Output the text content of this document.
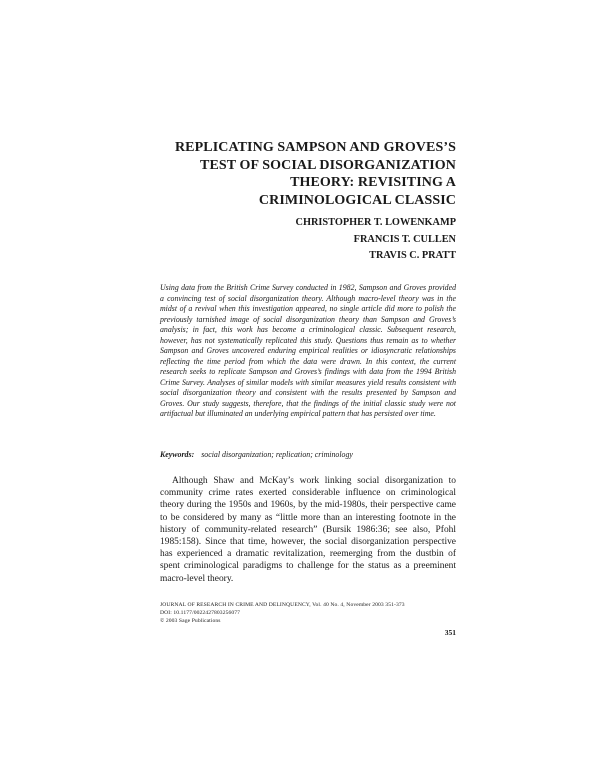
REPLICATING SAMPSON AND GROVES’S
TEST OF SOCIAL DISORGANIZATION
THEORY: REVISITING A
CRIMINOLOGICAL CLASSIC
CHRISTOPHER T. LOWENKAMP
FRANCIS T. CULLEN
TRAVIS C. PRATT

Using data from the British Crime Survey conducted in 1982, Sampson and Groves provided a convincing test of social disorganization theory. Although macro-level theory was in the midst of a revival when this investigation appeared, no single article did more to polish the previously tarnished image of social disorganization theory than Sampson and Groves’s analysis; in fact, this work has become a criminological classic. Subsequent research, however, has not systematically replicated this study. Questions thus remain as to whether Sampson and Groves uncovered enduring empirical realities or idiosyncratic relationships reflecting the time period from which the data were drawn. In this context, the current research seeks to replicate Sampson and Groves’s findings with data from the 1994 British Crime Survey. Analyses of similar models with similar measures yield results consistent with social disorganization theory and consistent with the results presented by Sampson and Groves. Our study suggests, therefore, that the findings of the initial classic study were not artifactual but illuminated an underlying empirical pattern that has persisted over time.

Keywords: social disorganization; replication; criminology

Although Shaw and McKay’s work linking social disorganization to community crime rates exerted considerable influence on criminological theory during the 1950s and 1960s, by the mid-1980s, their perspective came to be considered by many as “little more than an interesting footnote in the history of community-related research” (Bursik 1986:36; see also, Pfohl 1985:158). Since that time, however, the social disorganization perspective has experienced a dramatic revitalization, reemerging from the dustbin of spent criminological paradigms to challenge for the status as a preeminent macro-level theory.

JOURNAL OF RESEARCH IN CRIME AND DELINQUENCY, Vol. 40 No. 4, November 2003 351-373
DOI: 10.1177/0022427803256077
© 2003 Sage Publications
351
